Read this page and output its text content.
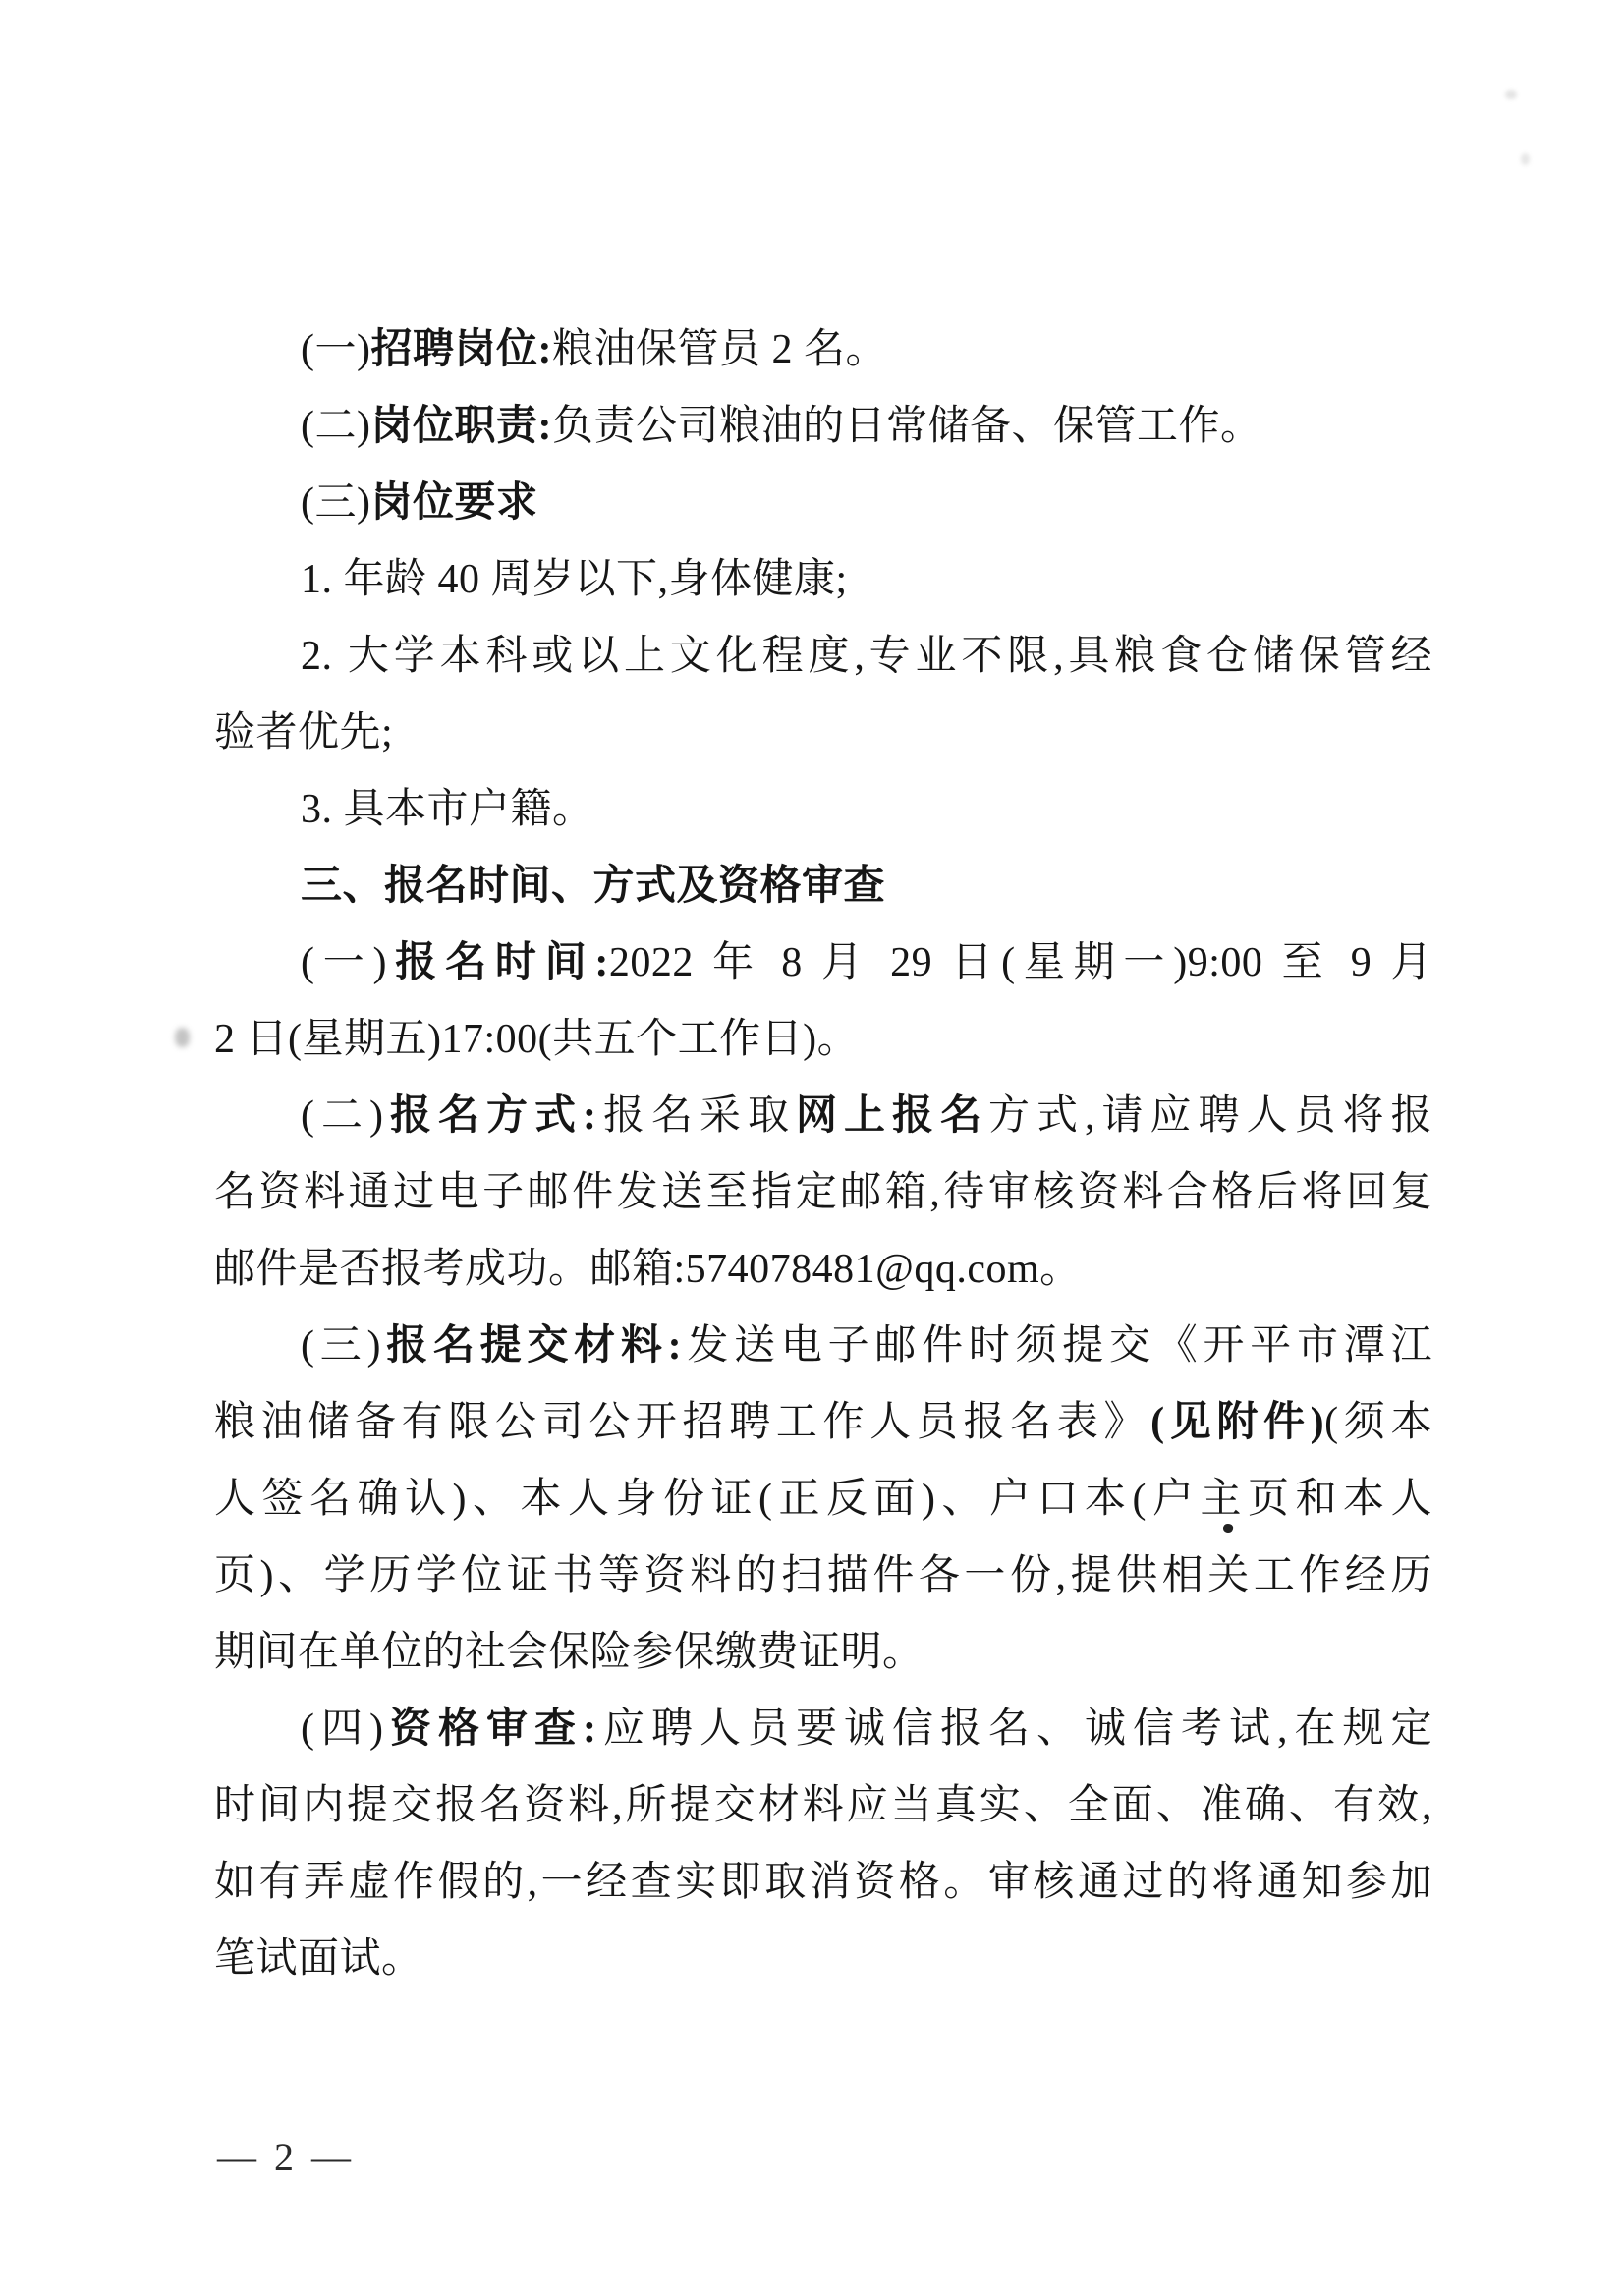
(一)招聘岗位:粮油保管员 2 名。
(二)岗位职责:负责公司粮油的日常储备、保管工作。
(三)岗位要求
1. 年龄 40 周岁以下,身体健康;
2. 大学本科或以上文化程度,专业不限,具粮食仓储保管经
验者优先;
3. 具本市户籍。
三、报名时间、方式及资格审查
(一)报名时间:2022 年 8 月 29 日(星期一)9:00 至 9 月
2 日(星期五)17:00(共五个工作日)。
(二)报名方式:报名采取网上报名方式,请应聘人员将报
名资料通过电子邮件发送至指定邮箱,待审核资料合格后将回复
邮件是否报考成功。邮箱:574078481@qq.com。
(三)报名提交材料:发送电子邮件时须提交《开平市潭江
粮油储备有限公司公开招聘工作人员报名表》(见附件)(须本
人签名确认)、本人身份证(正反面)、户口本(户主页和本人
页)、学历学位证书等资料的扫描件各一份,提供相关工作经历
期间在单位的社会保险参保缴费证明。
(四)资格审查:应聘人员要诚信报名、诚信考试,在规定
时间内提交报名资料,所提交材料应当真实、全面、准确、有效,
如有弄虚作假的,一经查实即取消资格。审核通过的将通知参加
笔试面试。
— 2 —
